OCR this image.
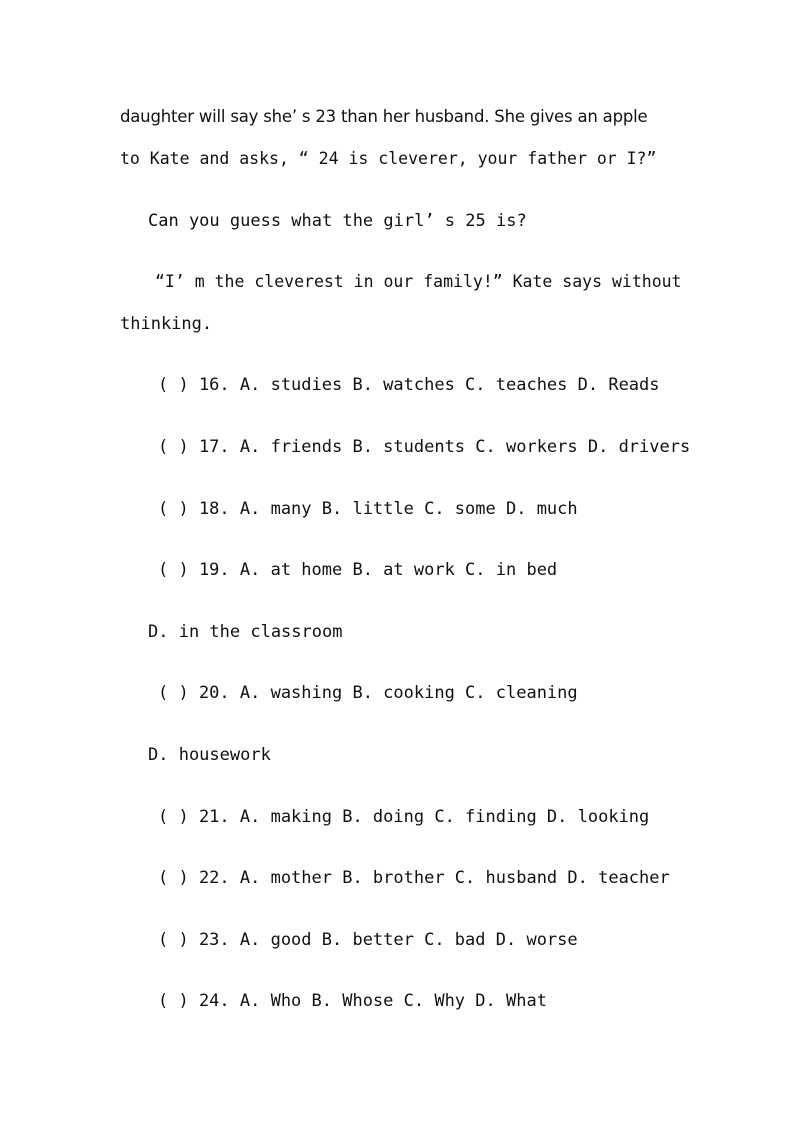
daughter will say she’ s 23 than her husband. She gives an apple

to Kate and asks, “ 24 is cleverer, your father or I?”

Can you guess what the girl’ s 25 is?

“I’ m the cleverest in our family!” Kate says without

thinking.

( ) 16. A. studies B. watches C. teaches D. Reads

( ) 17. A. friends B. students C. workers D. drivers

( ) 18. A. many B. little C. some D. much

( ) 19. A. at home B. at work C. in bed

D. in the classroom

( ) 20. A. washing B. cooking C. cleaning

D. housework

( ) 21. A. making B. doing C. finding D. looking

( ) 22. A. mother B. brother C. husband D. teacher

( ) 23. A. good B. better C. bad D. worse

( ) 24. A. Who B. Whose C. Why D. What
